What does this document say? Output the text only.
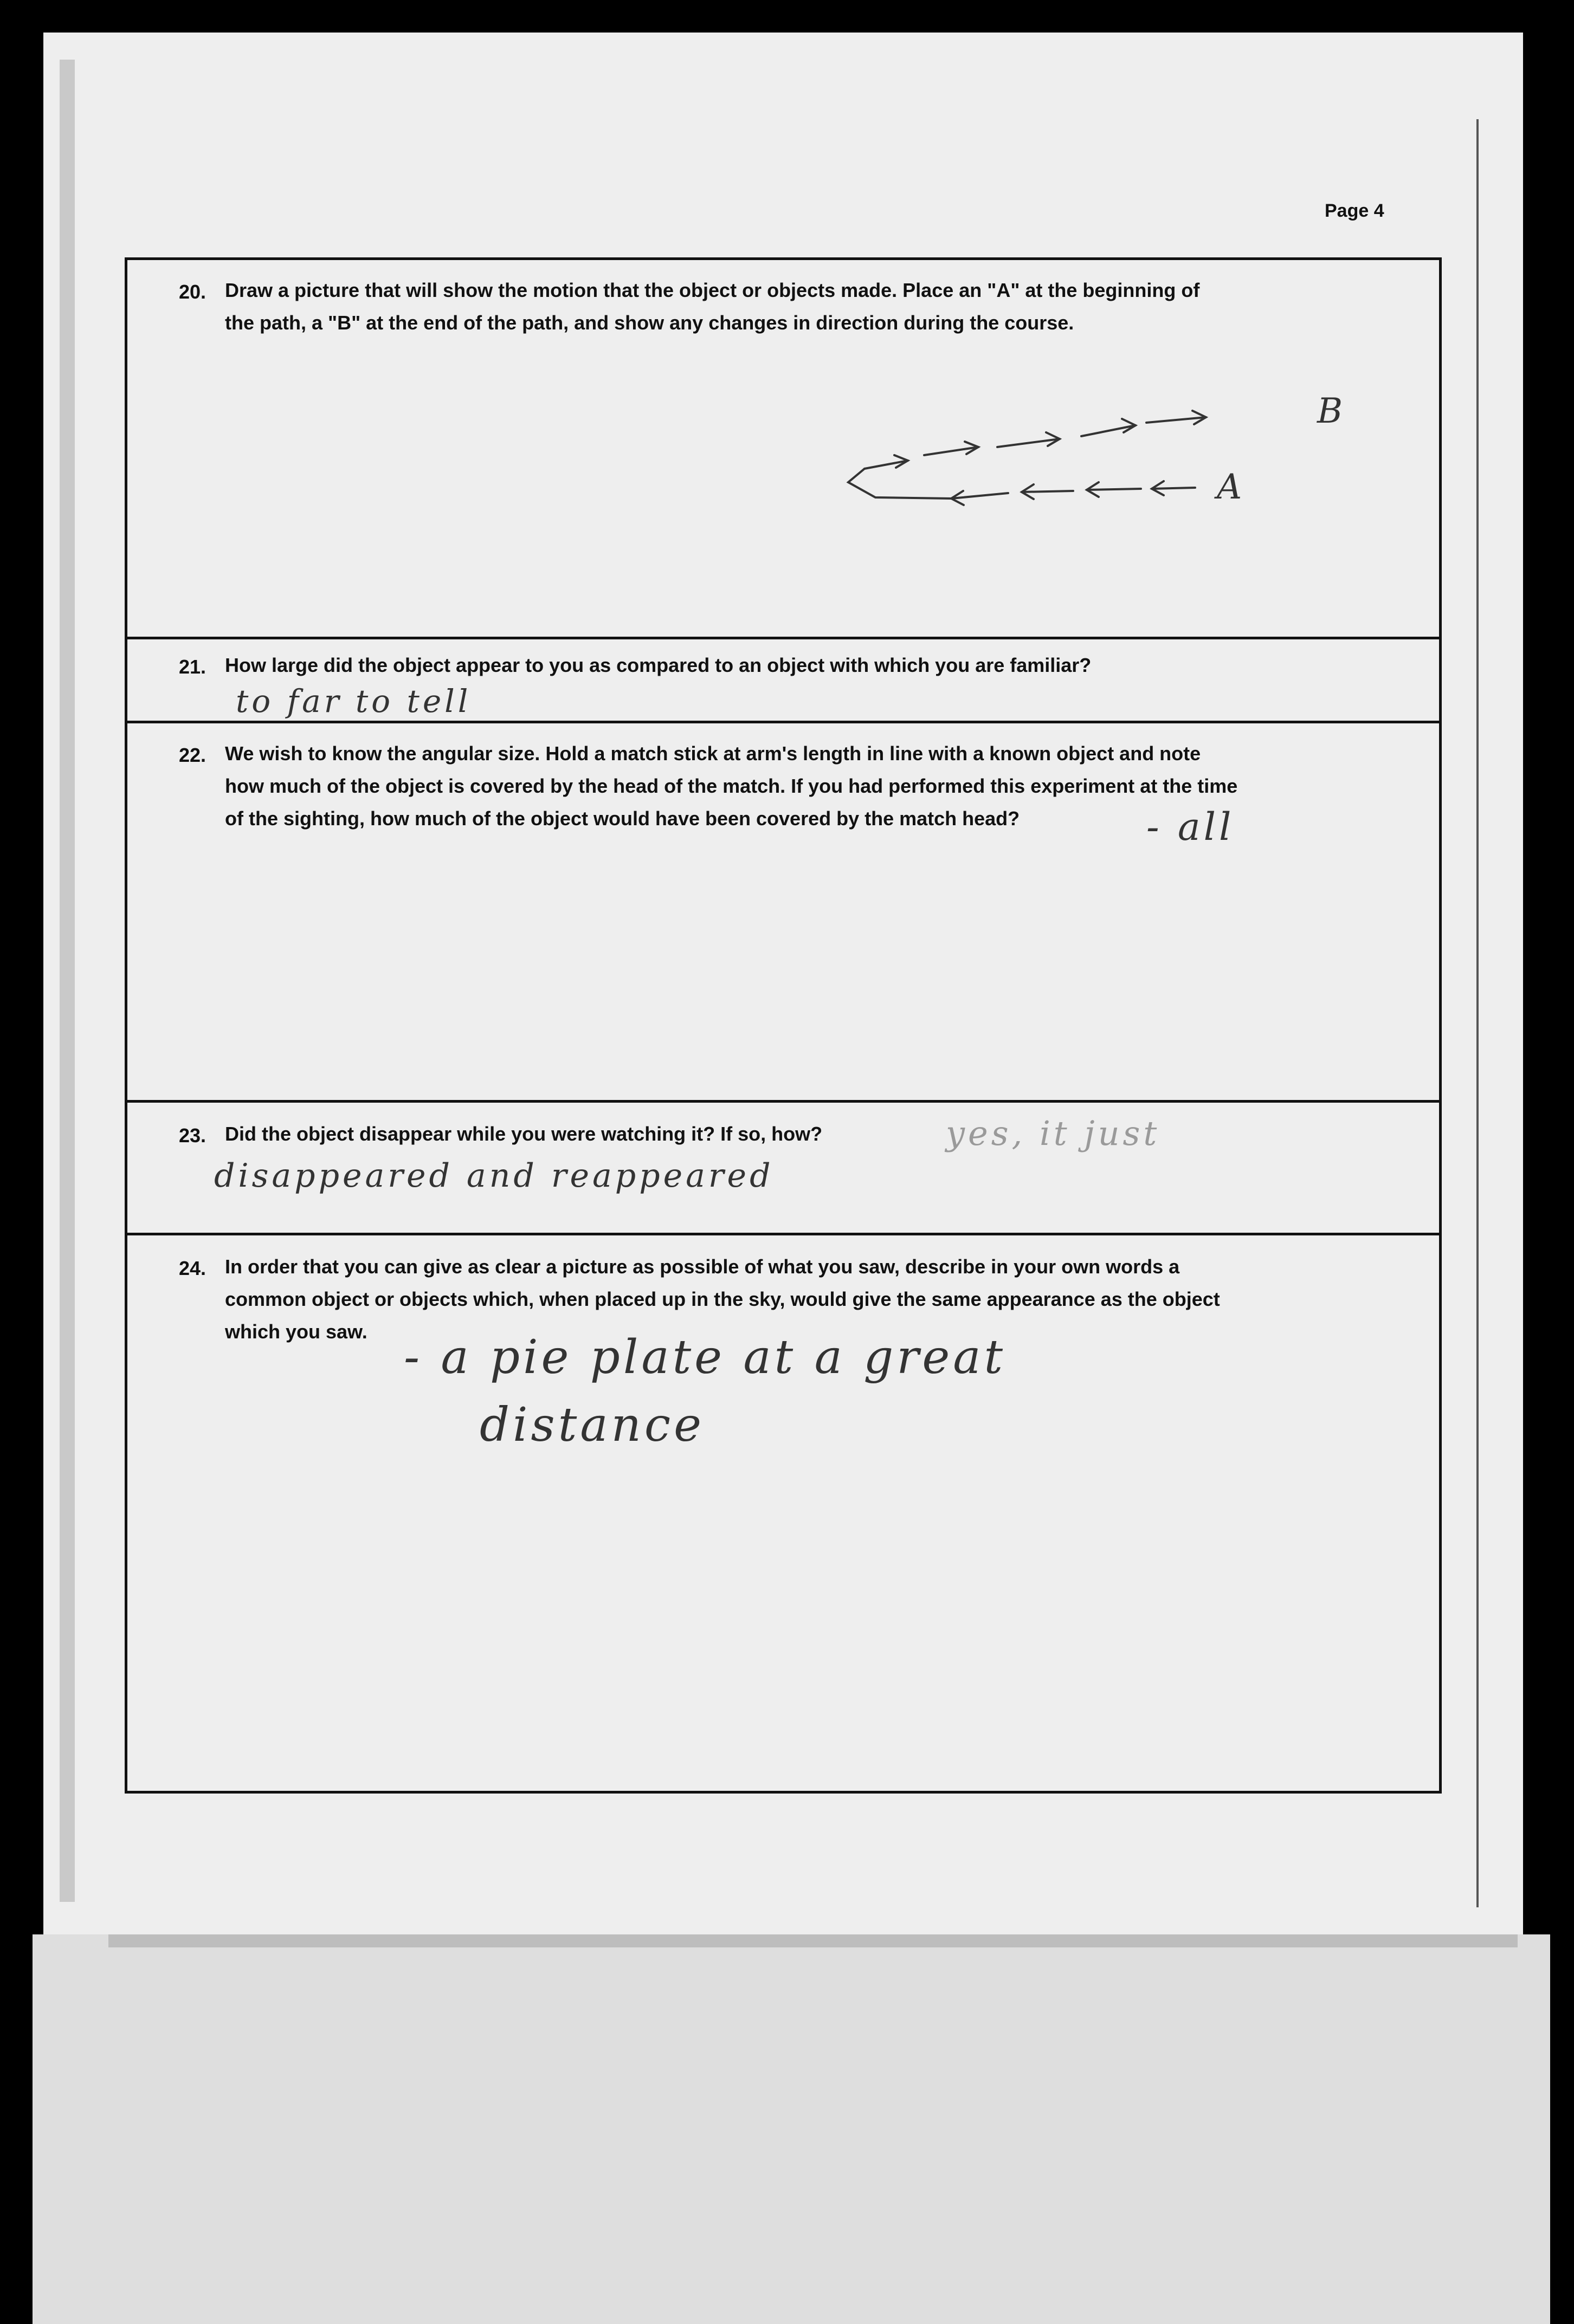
Page 4
20. Draw a picture that will show the motion that the object or objects made. Place an "A" at the beginning of
the path, a "B" at the end of the path, and show any changes in direction during the course.
B
A
21. How large did the object appear to you as compared to an object with which you are familiar?
to far to tell
22. We wish to know the angular size. Hold a match stick at arm's length in line with a known object and note
how much of the object is covered by the head of the match. If you had performed this experiment at the time
of the sighting, how much of the object would have been covered by the match head?	- all
23. Did the object disappear while you were watching it? If so, how?	yes, it just
disappeared and reappeared
24. In order that you can give as clear a picture as possible of what you saw, describe in your own words a
common object or objects which, when placed up in the sky, would give the same appearance as the object
which you saw. - a pie plate at a great
distance
